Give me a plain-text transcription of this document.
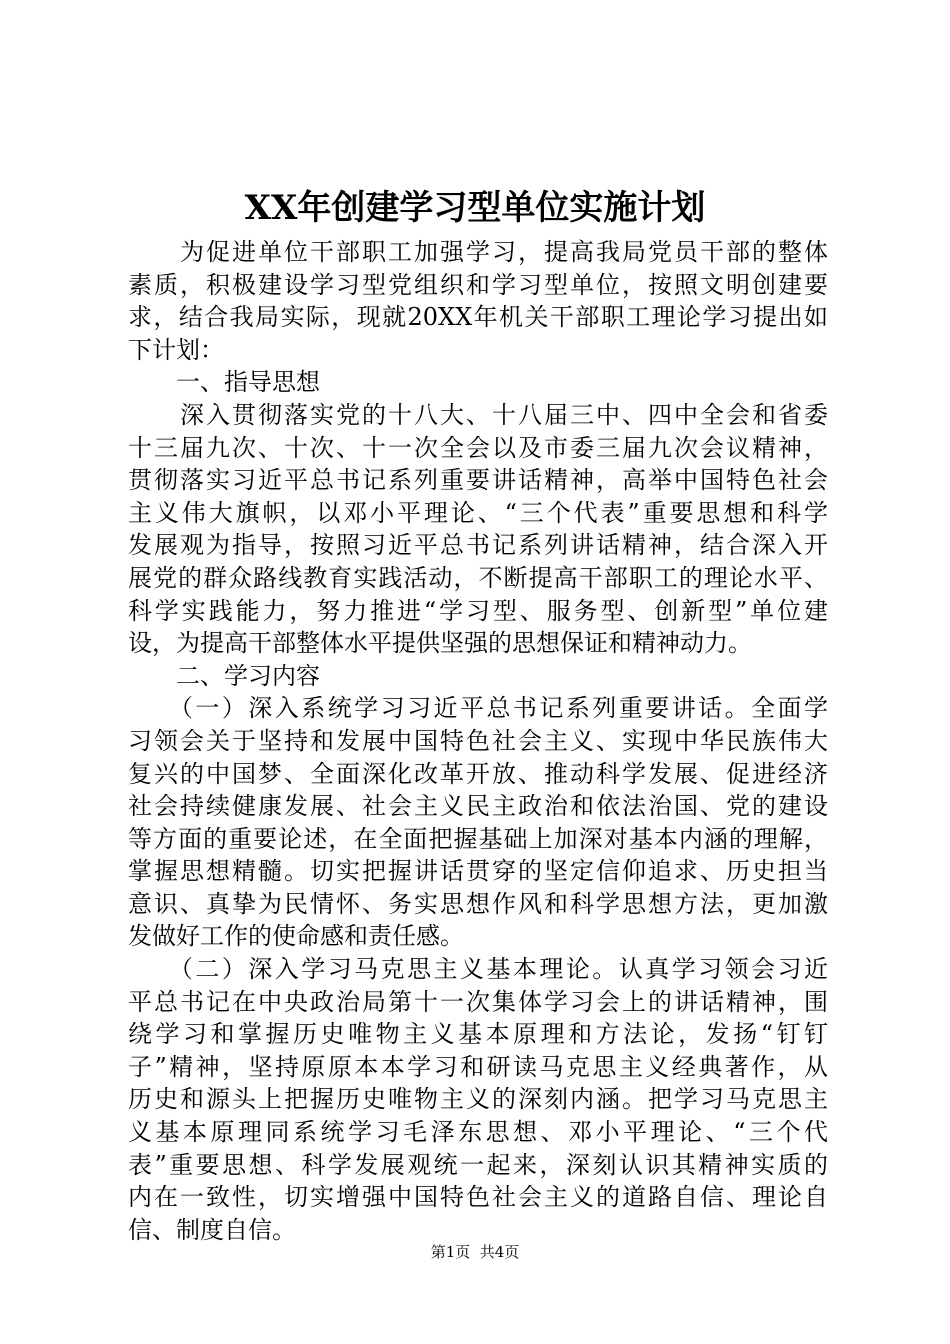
XX年创建学习型单位实施计划
　　为促进单位干部职工加强学习，提高我局党员干部的整体
素质，积极建设学习型党组织和学习型单位，按照文明创建要
求，结合我局实际，现就20XX年机关干部职工理论学习提出如
下计划：
　　一、指导思想
　　深入贯彻落实党的十八大、十八届三中、四中全会和省委
十三届九次、十次、十一次全会以及市委三届九次会议精神，
贯彻落实习近平总书记系列重要讲话精神，高举中国特色社会
主义伟大旗帜，以邓小平理论、“三个代表”重要思想和科学
发展观为指导，按照习近平总书记系列讲话精神，结合深入开
展党的群众路线教育实践活动，不断提高干部职工的理论水平、
科学实践能力，努力推进“学习型、服务型、创新型”单位建
设，为提高干部整体水平提供坚强的思想保证和精神动力。
　　二、学习内容
　　（一）深入系统学习习近平总书记系列重要讲话。全面学
习领会关于坚持和发展中国特色社会主义、实现中华民族伟大
复兴的中国梦、全面深化改革开放、推动科学发展、促进经济
社会持续健康发展、社会主义民主政治和依法治国、党的建设
等方面的重要论述，在全面把握基础上加深对基本内涵的理解，
掌握思想精髓。切实把握讲话贯穿的坚定信仰追求、历史担当
意识、真挚为民情怀、务实思想作风和科学思想方法，更加激
发做好工作的使命感和责任感。
　　（二）深入学习马克思主义基本理论。认真学习领会习近
平总书记在中央政治局第十一次集体学习会上的讲话精神，围
绕学习和掌握历史唯物主义基本原理和方法论，发扬“钉钉
子”精神，坚持原原本本学习和研读马克思主义经典著作，从
历史和源头上把握历史唯物主义的深刻内涵。把学习马克思主
义基本原理同系统学习毛泽东思想、邓小平理论、“三个代
表”重要思想、科学发展观统一起来，深刻认识其精神实质的
内在一致性，切实增强中国特色社会主义的道路自信、理论自
信、制度自信。
第1页  共4页
